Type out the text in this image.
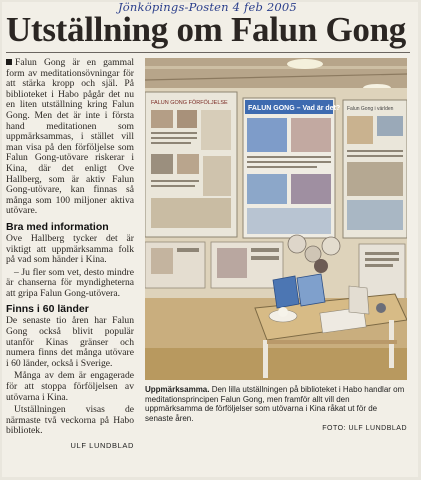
Jönköpings-Posten 4 feb 2005
Utställning om Falun Gong

Falun Gong är en gammal form av meditationsövningar för att stärka kropp och själ. På biblioteket i Habo pågår det nu en liten utställning kring Falun Gong. Men det är inte i första hand meditationen som uppmärksammas, i stället vill man visa på den förföljelse som Falun Gong-utövare riskerar i Kina, där det enligt Ove Hallberg, som är aktiv Falun Gong-utövare, kan finnas så många som 100 miljoner aktiva utövare.

Bra med information

Ove Hallberg tycker det är viktigt att uppmärksamma folk på vad som händer i Kina.

– Ju fler som vet, desto mindre är chanserna för myndigheterna att gripa Falun Gong-utövera.

Finns i 60 länder

De senaste tio åren har Falun Gong också blivit populär utanför Kinas gränser och numera finns det många utövare i 60 länder, också i Sverige.

Många av dem är engagerade för att stoppa förföljelsen av utövarna i Kina.

Utställningen visas de närmaste två veckorna på Habo bibliotek.

ULF LUNDBLAD
FALUN GONG FÖRFÖLJELSE
FALUN GONG – Vad är det? Falun Gong i världen
Uppmärksamma. Den lilla utställningen på biblioteket i Habo handlar om meditationsprincipen Falun Gong, men framför allt vill den uppmärksamma de förföljelser som utövarna i Kina råkat ut för de senaste åren.
FOTO: ULF LUNDBLAD
